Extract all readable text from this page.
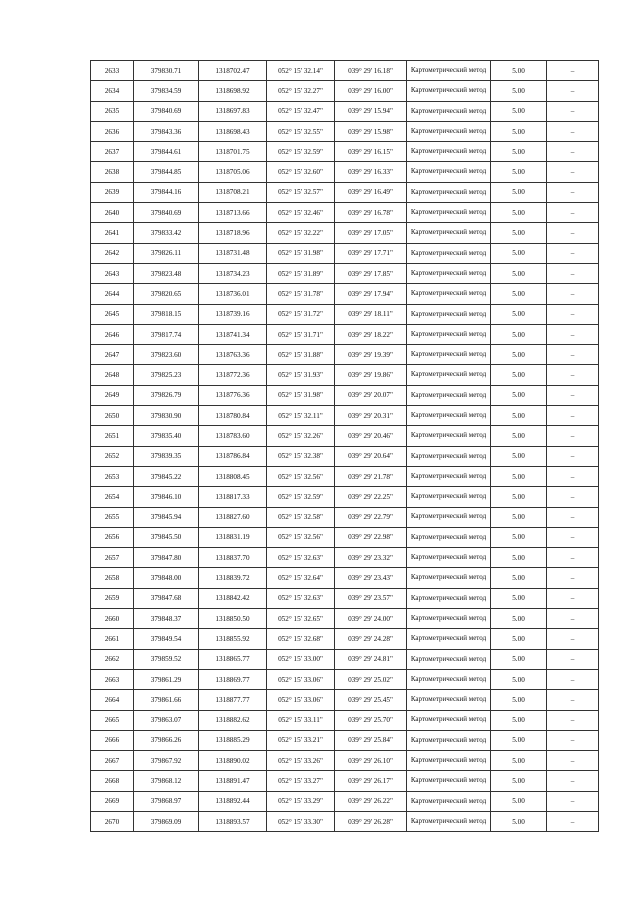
2633	379830.71	1318702.47	052° 15' 32.14"	039° 29' 16.18"	Картометрический метод	5.00	–
2634	379834.59	1318698.92	052° 15' 32.27"	039° 29' 16.00"	Картометрический метод	5.00	–
2635	379840.69	1318697.83	052° 15' 32.47"	039° 29' 15.94"	Картометрический метод	5.00	–
2636	379843.36	1318698.43	052° 15' 32.55"	039° 29' 15.98"	Картометрический метод	5.00	–
2637	379844.61	1318701.75	052° 15' 32.59"	039° 29' 16.15"	Картометрический метод	5.00	–
2638	379844.85	1318705.06	052° 15' 32.60"	039° 29' 16.33"	Картометрический метод	5.00	–
2639	379844.16	1318708.21	052° 15' 32.57"	039° 29' 16.49"	Картометрический метод	5.00	–
2640	379840.69	1318713.66	052° 15' 32.46"	039° 29' 16.78"	Картометрический метод	5.00	–
2641	379833.42	1318718.96	052° 15' 32.22"	039° 29' 17.05"	Картометрический метод	5.00	–
2642	379826.11	1318731.48	052° 15' 31.98"	039° 29' 17.71"	Картометрический метод	5.00	–
2643	379823.48	1318734.23	052° 15' 31.89"	039° 29' 17.85"	Картометрический метод	5.00	–
2644	379820.65	1318736.01	052° 15' 31.78"	039° 29' 17.94"	Картометрический метод	5.00	–
2645	379818.15	1318739.16	052° 15' 31.72"	039° 29' 18.11"	Картометрический метод	5.00	–
2646	379817.74	1318741.34	052° 15' 31.71"	039° 29' 18.22"	Картометрический метод	5.00	–
2647	379823.60	1318763.36	052° 15' 31.88"	039° 29' 19.39"	Картометрический метод	5.00	–
2648	379825.23	1318772.36	052° 15' 31.93"	039° 29' 19.86"	Картометрический метод	5.00	–
2649	379826.79	1318776.36	052° 15' 31.98"	039° 29' 20.07"	Картометрический метод	5.00	–
2650	379830.90	1318780.84	052° 15' 32.11"	039° 29' 20.31"	Картометрический метод	5.00	–
2651	379835.40	1318783.60	052° 15' 32.26"	039° 29' 20.46"	Картометрический метод	5.00	–
2652	379839.35	1318786.84	052° 15' 32.38"	039° 29' 20.64"	Картометрический метод	5.00	–
2653	379845.22	1318808.45	052° 15' 32.56"	039° 29' 21.78"	Картометрический метод	5.00	–
2654	379846.10	1318817.33	052° 15' 32.59"	039° 29' 22.25"	Картометрический метод	5.00	–
2655	379845.94	1318827.60	052° 15' 32.58"	039° 29' 22.79"	Картометрический метод	5.00	–
2656	379845.50	1318831.19	052° 15' 32.56"	039° 29' 22.98"	Картометрический метод	5.00	–
2657	379847.80	1318837.70	052° 15' 32.63"	039° 29' 23.32"	Картометрический метод	5.00	–
2658	379848.00	1318839.72	052° 15' 32.64"	039° 29' 23.43"	Картометрический метод	5.00	–
2659	379847.68	1318842.42	052° 15' 32.63"	039° 29' 23.57"	Картометрический метод	5.00	–
2660	379848.37	1318850.50	052° 15' 32.65"	039° 29' 24.00"	Картометрический метод	5.00	–
2661	379849.54	1318855.92	052° 15' 32.68"	039° 29' 24.28"	Картометрический метод	5.00	–
2662	379859.52	1318865.77	052° 15' 33.00"	039° 29' 24.81"	Картометрический метод	5.00	–
2663	379861.29	1318869.77	052° 15' 33.06"	039° 29' 25.02"	Картометрический метод	5.00	–
2664	379861.66	1318877.77	052° 15' 33.06"	039° 29' 25.45"	Картометрический метод	5.00	–
2665	379863.07	1318882.62	052° 15' 33.11"	039° 29' 25.70"	Картометрический метод	5.00	–
2666	379866.26	1318885.29	052° 15' 33.21"	039° 29' 25.84"	Картометрический метод	5.00	–
2667	379867.92	1318890.02	052° 15' 33.26"	039° 29' 26.10"	Картометрический метод	5.00	–
2668	379868.12	1318891.47	052° 15' 33.27"	039° 29' 26.17"	Картометрический метод	5.00	–
2669	379868.97	1318892.44	052° 15' 33.29"	039° 29' 26.22"	Картометрический метод	5.00	–
2670	379869.09	1318893.57	052° 15' 33.30"	039° 29' 26.28"	Картометрический метод	5.00	–
